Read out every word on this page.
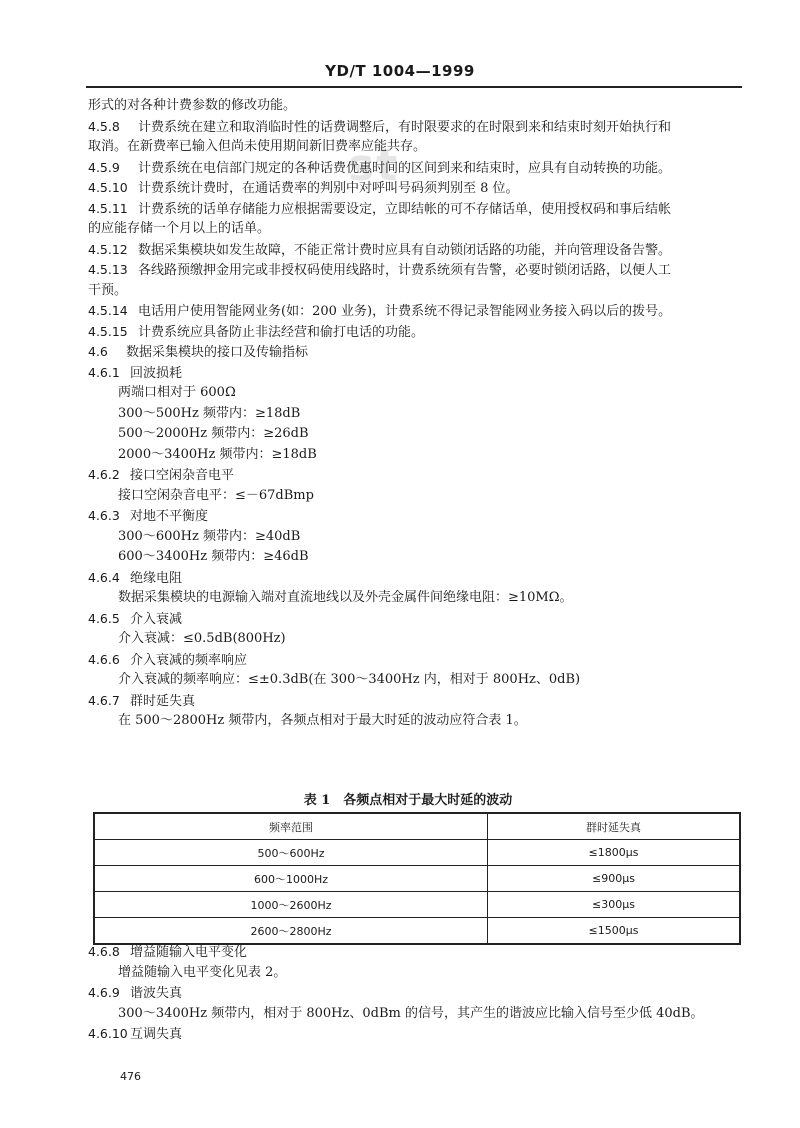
st
YD/T 1004—1999
形式的对各种计费参数的修改功能。
4.5.8 计费系统在建立和取消临时性的话费调整后，有时限要求的在时限到来和结束时刻开始执行和
取消。在新费率已输入但尚未使用期间新旧费率应能共存。
4.5.9 计费系统在电信部门规定的各种话费优惠时间的区间到来和结束时，应具有自动转换的功能。
4.5.10 计费系统计费时，在通话费率的判别中对呼叫号码须判别至 8 位。
4.5.11 计费系统的话单存储能力应根据需要设定，立即结帐的可不存储话单，使用授权码和事后结帐
的应能存储一个月以上的话单。
4.5.12 数据采集模块如发生故障，不能正常计费时应具有自动锁闭话路的功能，并向管理设备告警。
4.5.13 各线路预缴押金用完或非授权码使用线路时，计费系统须有告警，必要时锁闭话路，以便人工
干预。
4.5.14 电话用户使用智能网业务(如：200 业务)，计费系统不得记录智能网业务接入码以后的拨号。
4.5.15 计费系统应具备防止非法经营和偷打电话的功能。
4.6 数据采集模块的接口及传输指标
4.6.1 回波损耗
两端口相对于 600Ω
300～500Hz 频带内：≥18dB
500～2000Hz 频带内：≥26dB
2000～3400Hz 频带内：≥18dB
4.6.2 接口空闲杂音电平
接口空闲杂音电平：≤－67dBmp
4.6.3 对地不平衡度
300～600Hz 频带内：≥40dB
600～3400Hz 频带内：≥46dB
4.6.4 绝缘电阻
数据采集模块的电源输入端对直流地线以及外壳金属件间绝缘电阻：≥10MΩ。
4.6.5 介入衰减
介入衰减：≤0.5dB(800Hz)
4.6.6 介入衰减的频率响应
介入衰减的频率响应：≤±0.3dB(在 300～3400Hz 内，相对于 800Hz、0dB)
4.6.7 群时延失真
在 500～2800Hz 频带内，各频点相对于最大时延的波动应符合表 1。
表 1　各频点相对于最大时延的波动
频率范围	群时延失真
500～600Hz	≤1800μs
600～1000Hz	≤900μs
1000～2600Hz	≤300μs
2600～2800Hz	≤1500μs
4.6.8 增益随输入电平变化
增益随输入电平变化见表 2。
4.6.9 谐波失真
300～3400Hz 频带内，相对于 800Hz、0dBm 的信号，其产生的谐波应比输入信号至少低 40dB。
4.6.10 互调失真
476
